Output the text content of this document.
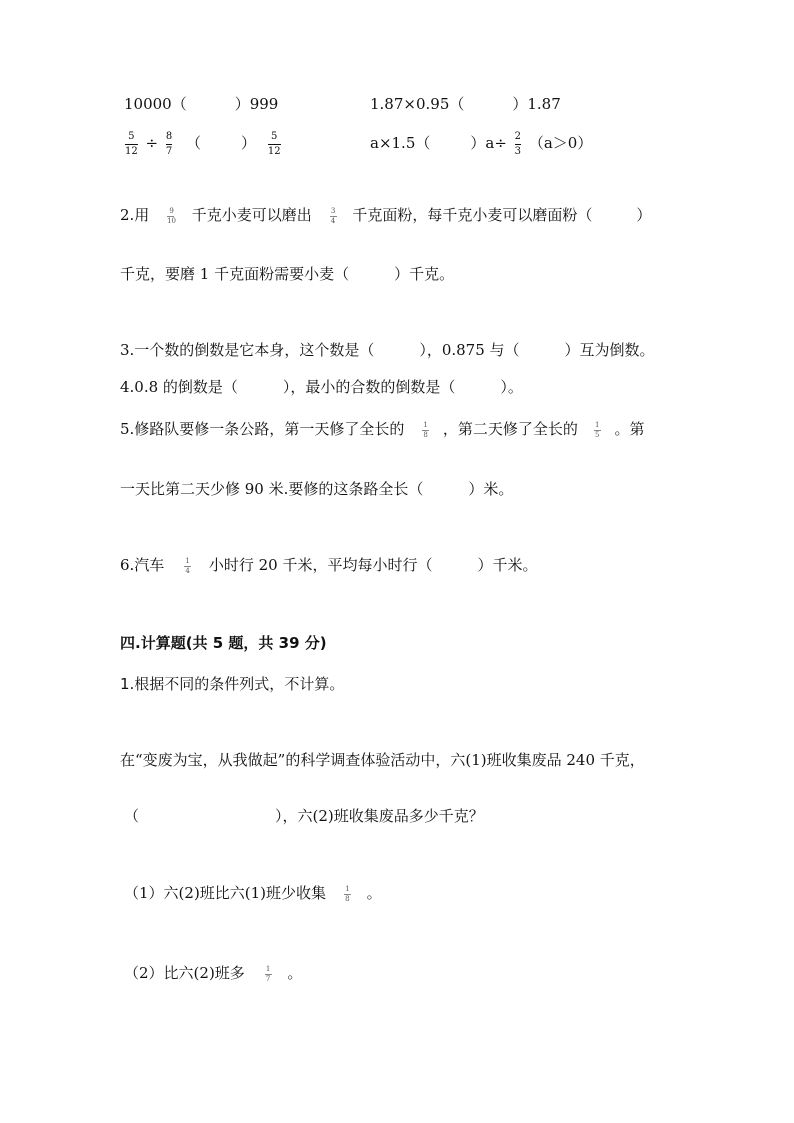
10000（	）999	1.87×0.95（	）1.87
$\frac{5}{12} \div \frac{8}{7}$ （	） $\frac{5}{12}$	a×1.5（	）$a\div \frac{2}{3} (a>0)$
2.用	$\frac{9}{10}$ 千克小麦可以磨出	$\frac{3}{4}$ 千克面粉，每千克小麦可以磨面粉（	）
千克，要磨 1 千克面粉需要小麦（　　　）千克。
3.一个数的倒数是它本身，这个数是（　　　），0.875 与（　　　）互为倒数。
4.0.8 的倒数是（　　　），最小的合数的倒数是（　　　）。
5.修路队要修一条公路，第一天修了全长的	$\frac{1}{8}$ ，第二天修了全长的 $\frac{1}{5}$ 。第
一天比第二天少修 90 米.要修的这条路全长（　　　）米。
6.汽车	$\frac{1}{4}$ 小时行 20 千米，平均每小时行（　　　）千米。
四.计算题(共 5 题，共 39 分)
1.根据不同的条件列式，不计算。
在“变废为宝，从我做起”的科学调查体验活动中，六(1)班收集废品 240 千克，
（	），六(2)班收集废品多少千克？
（1）六(2)班比六(1)班少收集	$\frac{1}{8}$ 。
（2）比六(2)班多	$\frac{1}{7}$ 。
